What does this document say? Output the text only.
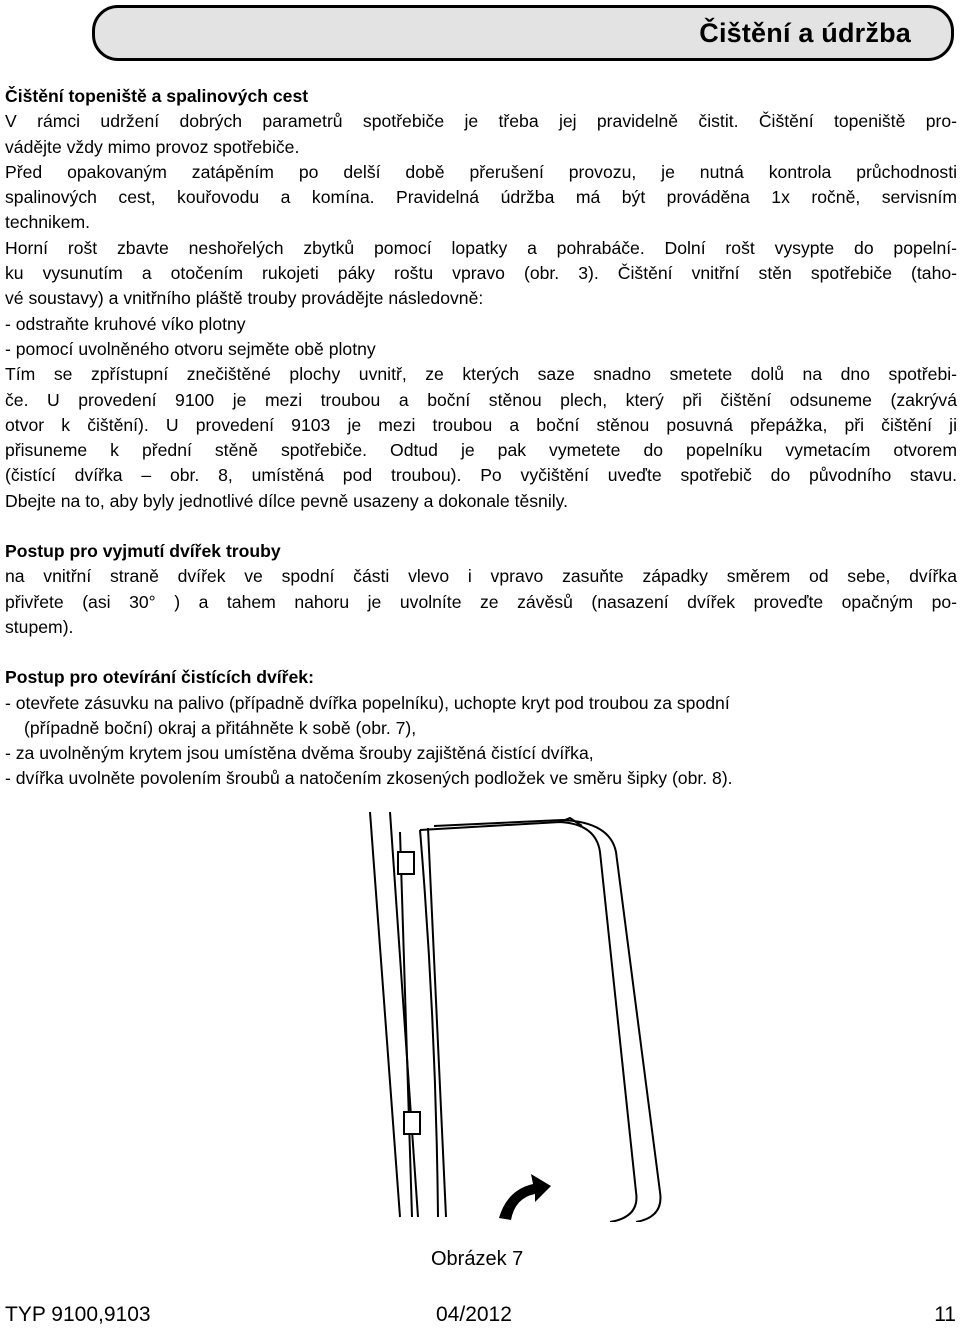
Čištění a údržba
Čištění topeniště a spalinových cest
V rámci udržení dobrých parametrů spotřebiče je třeba jej pravidelně čistit. Čištění topeniště pro-
vádějte vždy mimo provoz spotřebiče.
Před opakovaným zatápěním po delší době přerušení provozu, je nutná kontrola průchodnosti
spalinových cest, kouřovodu a komína. Pravidelná údržba má být prováděna 1x ročně, servisním
technikem.
Horní rošt zbavte neshořelých zbytků pomocí lopatky a pohrabáče. Dolní rošt vysypte do popelní-
ku vysunutím a otočením rukojeti páky roštu vpravo (obr. 3). Čištění vnitřní stěn spotřebiče (taho-
vé soustavy) a vnitřního pláště trouby provádějte následovně:
- odstraňte kruhové víko plotny
- pomocí uvolněného otvoru sejměte obě plotny
Tím se zpřístupní znečištěné plochy uvnitř, ze kterých saze snadno smetete dolů na dno spotřebi-
če. U provedení 9100 je mezi troubou a boční stěnou plech, který při čištění odsuneme (zakrývá
otvor k čištění). U provedení 9103 je mezi troubou a boční stěnou posuvná přepážka, při čištění ji
přisuneme k přední stěně spotřebiče. Odtud je pak vymetete do popelníku vymetacím otvorem
(čistící dvířka – obr. 8, umístěná pod troubou). Po vyčištění uveďte spotřebič do původního stavu.
Dbejte na to, aby byly jednotlivé dílce pevně usazeny a dokonale těsnily.
Postup pro vyjmutí dvířek trouby
na vnitřní straně dvířek ve spodní části vlevo i vpravo zasuňte západky směrem od sebe, dvířka
přivřete (asi 30° ) a tahem nahoru je uvolníte ze závěsů (nasazení dvířek proveďte opačným po-
stupem).
Postup pro otevírání čistících dvířek:
- otevřete zásuvku na palivo (případně dvířka popelníku), uchopte kryt pod troubou za spodní
(případně boční) okraj a přitáhněte k sobě (obr. 7),
- za uvolněným krytem jsou umístěna dvěma šrouby zajištěná čistící dvířka,
- dvířka uvolněte povolením šroubů a natočením zkosených podložek ve směru šipky (obr. 8).
Obrázek 7
TYP 9100,9103	04/2012	11
